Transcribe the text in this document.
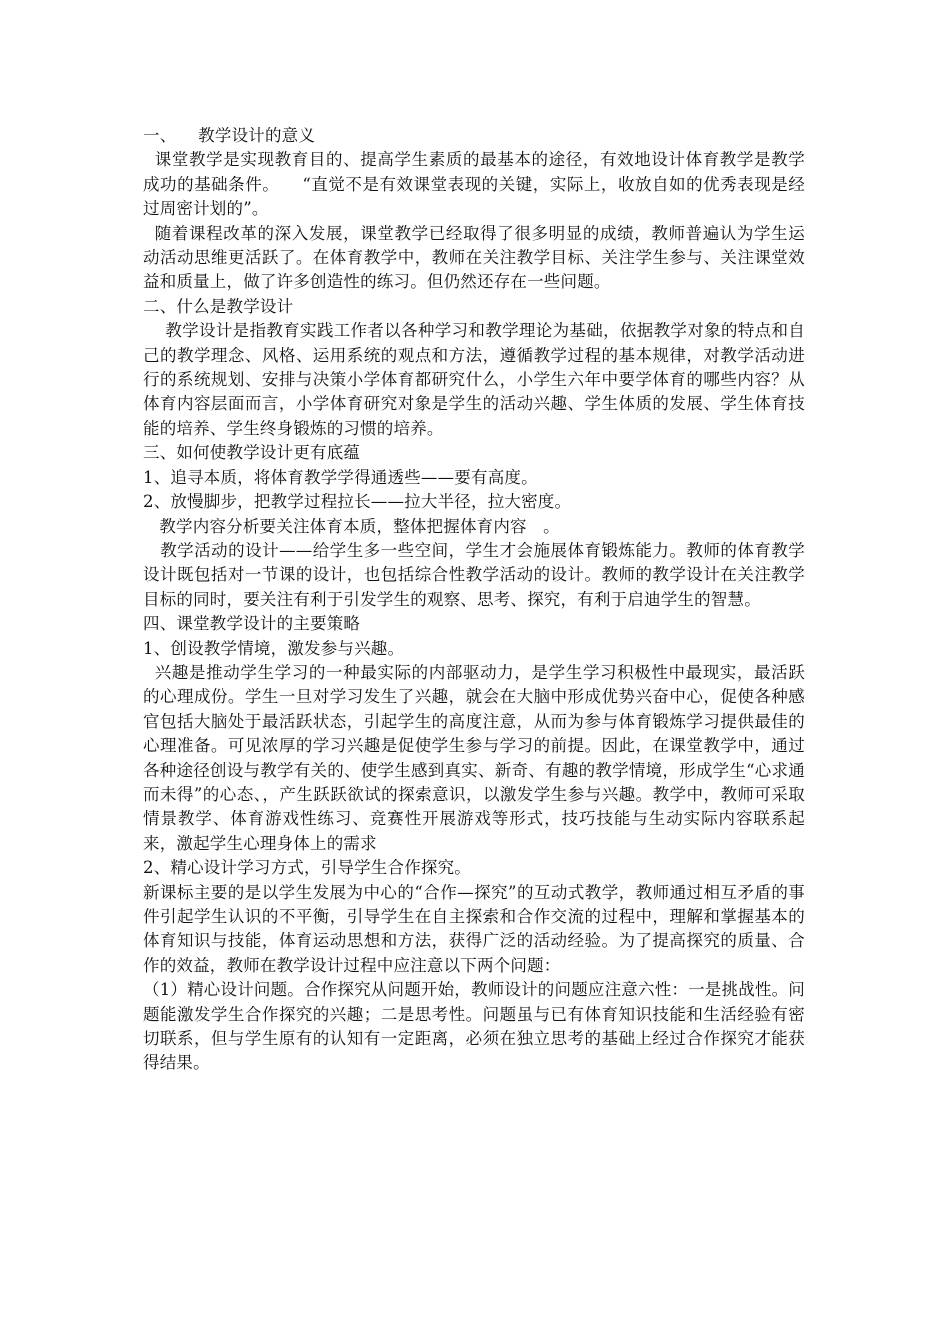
一、    教学设计的意义

课堂教学是实现教育目的、提高学生素质的最基本的途径，有效地设计体育教学是教学成功的基础条件。    “直觉不是有效课堂表现的关键，实际上，收放自如的优秀表现是经过周密计划的”。

随着课程改革的深入发展，课堂教学已经取得了很多明显的成绩，教师普遍认为学生运动活动思维更活跃了。在体育教学中，教师在关注教学目标、关注学生参与、关注课堂效益和质量上，做了许多创造性的练习。但仍然还存在一些问题。

二、什么是教学设计

教学设计是指教育实践工作者以各种学习和教学理论为基础，依据教学对象的特点和自己的教学理念、风格、运用系统的观点和方法，遵循教学过程的基本规律，对教学活动进行的系统规划、安排与决策小学体育都研究什么，小学生六年中要学体育的哪些内容？从体育内容层面而言，小学体育研究对象是学生的活动兴趣、学生体质的发展、学生体育技能的培养、学生终身锻炼的习惯的培养。

三、如何使教学设计更有底蕴

1、追寻本质，将体育教学学得通透些——要有高度。

2、放慢脚步，把教学过程拉长——拉大半径，拉大密度。

教学内容分析要关注体育本质，整体把握体育内容   。

教学活动的设计——给学生多一些空间，学生才会施展体育锻炼能力。教师的体育教学设计既包括对一节课的设计，也包括综合性教学活动的设计。教师的教学设计在关注教学目标的同时，要关注有利于引发学生的观察、思考、探究，有利于启迪学生的智慧。

四、课堂教学设计的主要策略

1、创设教学情境，激发参与兴趣。

兴趣是推动学生学习的一种最实际的内部驱动力，是学生学习积极性中最现实，最活跃的心理成份。学生一旦对学习发生了兴趣，就会在大脑中形成优势兴奋中心，促使各种感官包括大脑处于最活跃状态，引起学生的高度注意，从而为参与体育锻炼学习提供最佳的心理准备。可见浓厚的学习兴趣是促使学生参与学习的前提。因此，在课堂教学中，通过各种途径创设与教学有关的、使学生感到真实、新奇、有趣的教学情境，形成学生“心求通而未得”的心态、，产生跃跃欲试的探索意识，以激发学生参与兴趣。教学中，教师可采取情景教学、体育游戏性练习、竞赛性开展游戏等形式，技巧技能与生动实际内容联系起来，激起学生心理身体上的需求

2、精心设计学习方式，引导学生合作探究。

新课标主要的是以学生发展为中心的“合作—探究”的互动式教学，教师通过相互矛盾的事件引起学生认识的不平衡，引导学生在自主探索和合作交流的过程中，理解和掌握基本的体育知识与技能，体育运动思想和方法，获得广泛的活动经验。为了提高探究的质量、合作的效益，教师在教学设计过程中应注意以下两个问题：

（1）精心设计问题。合作探究从问题开始，教师设计的问题应注意六性：一是挑战性。问题能激发学生合作探究的兴趣；二是思考性。问题虽与已有体育知识技能和生活经验有密切联系，但与学生原有的认知有一定距离，必须在独立思考的基础上经过合作探究才能获得结果。
